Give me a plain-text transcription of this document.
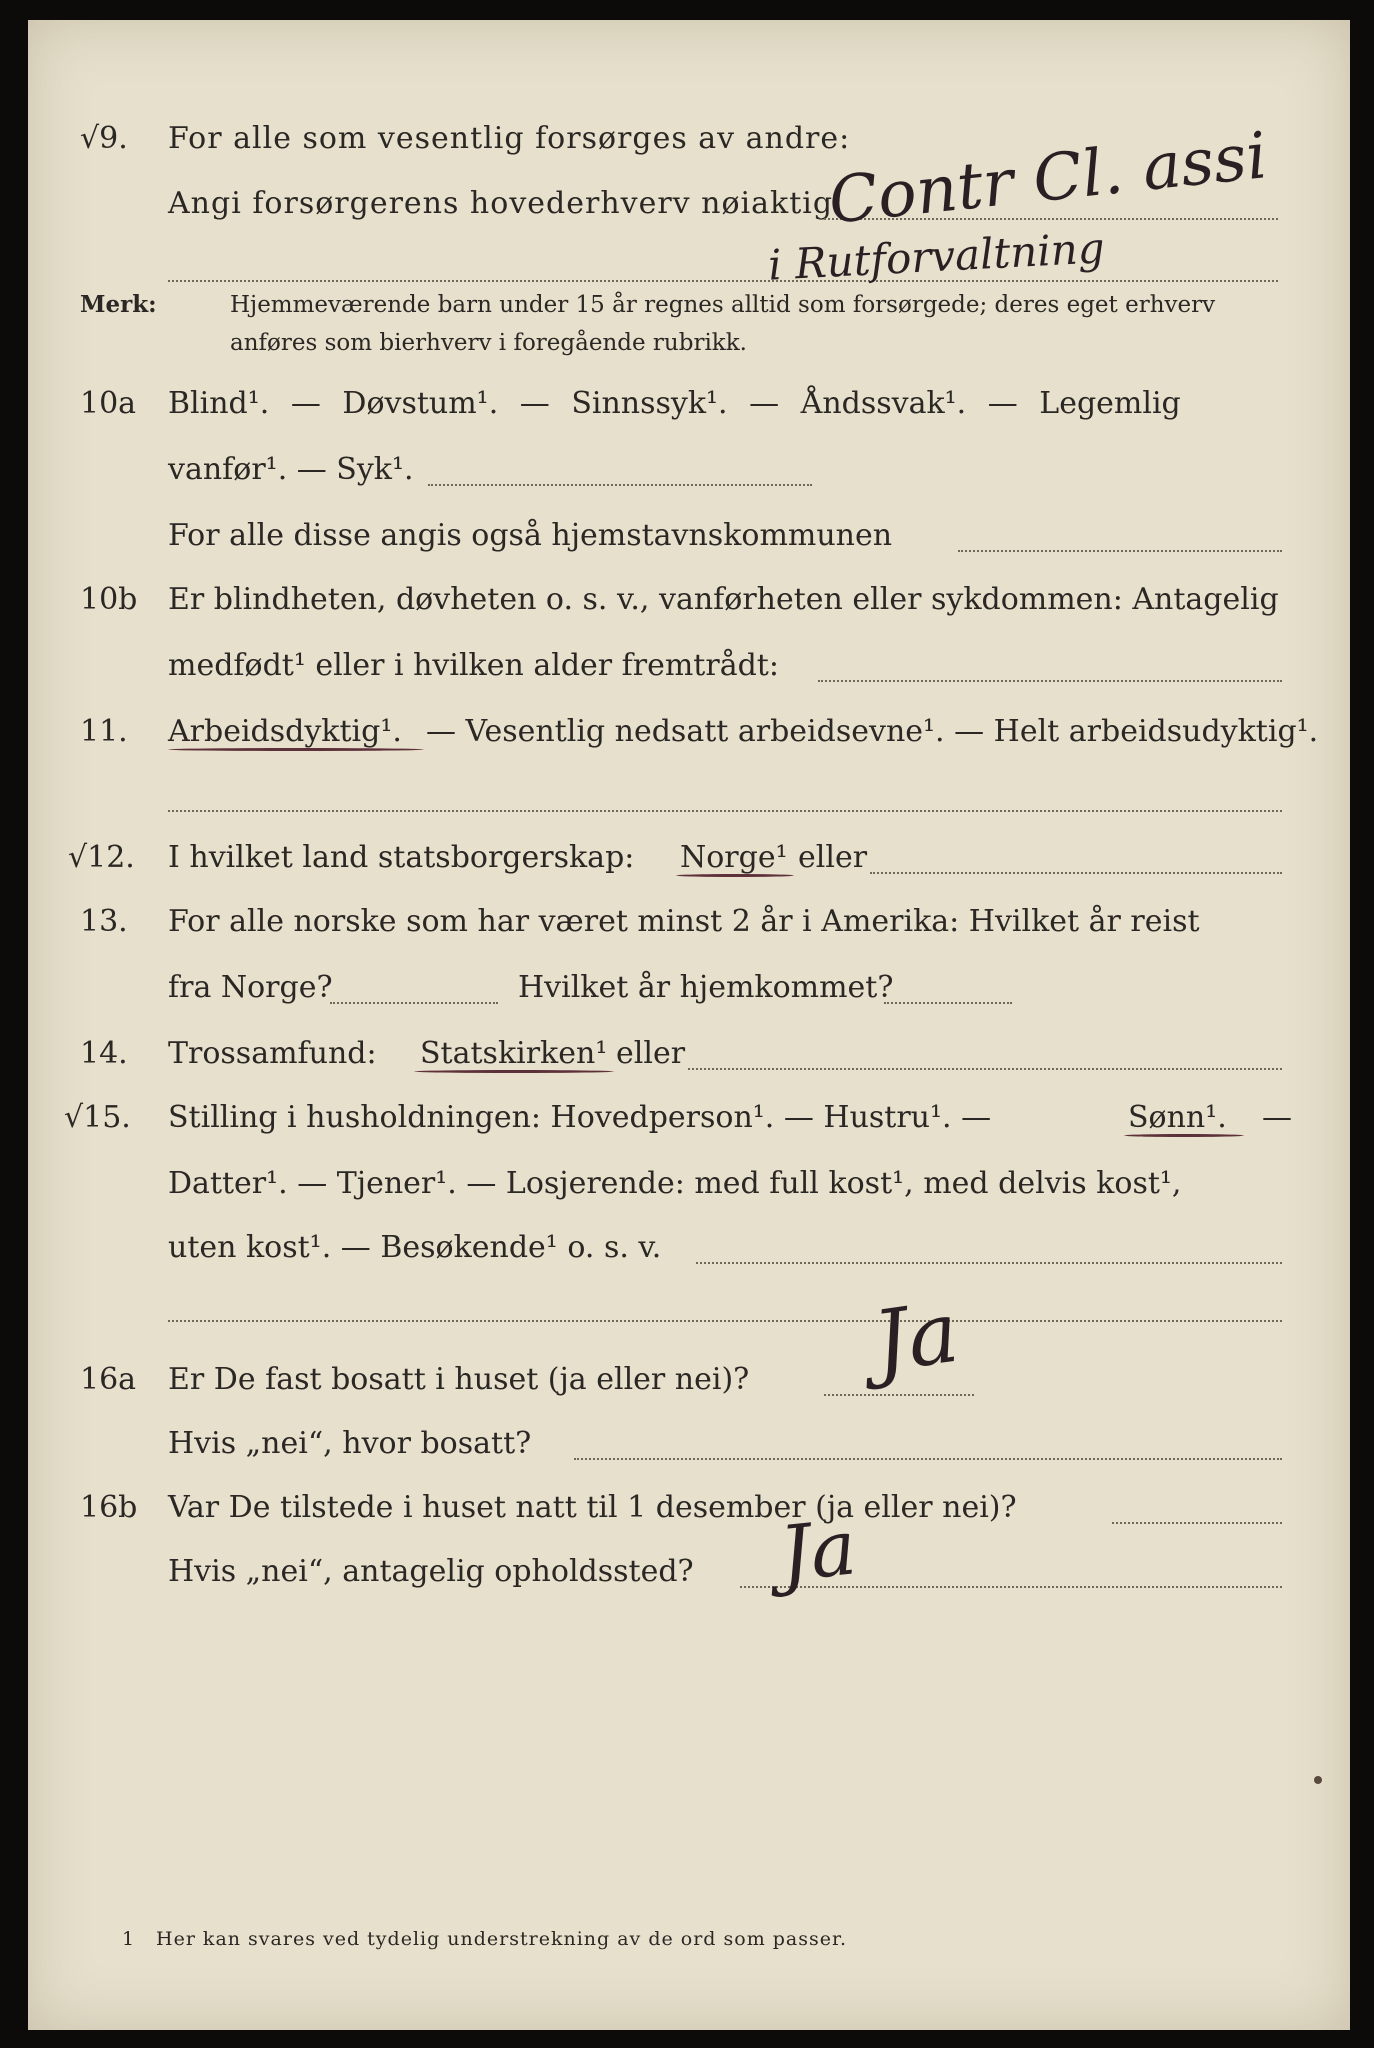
√9.	For alle som vesentlig forsørges av andre:
Angi forsørgerens hovederhverv nøiaktig
Contr Cl. assi
i Rutforvaltning
Merk:	Hjemmeværende barn under 15 år regnes alltid som forsørgede; deres eget erhverv
anføres som bierhverv i foregående rubrikk.
10a	Blind¹. — Døvstum¹. — Sinnssyk¹. — Åndssvak¹. — Legemlig
vanfør¹. — Syk¹.
For alle disse angis også hjemstavnskommunen
10b	Er blindheten, døvheten o. s. v., vanførheten eller sykdommen: Antagelig
medfødt¹ eller i hvilken alder fremtrådt:
11.	Arbeidsdyktig¹. — Vesentlig nedsatt arbeidsevne¹. — Helt arbeidsudyktig¹.
√12.	I hvilket land statsborgerskap: Norge¹ eller
13.	For alle norske som har været minst 2 år i Amerika: Hvilket år reist
fra Norge?	Hvilket år hjemkommet?
14.	Trossamfund: Statskirken¹ eller
√15.	Stilling i husholdningen: Hovedperson¹. — Hustru¹. —	Sønn¹. —
Datter¹. — Tjener¹. — Losjerende: med full kost¹, med delvis kost¹,
uten kost¹. — Besøkende¹ o. s. v.
16a	Er De fast bosatt i huset (ja eller nei)? Ja
Hvis „nei“, hvor bosatt?
16b	Var De tilstede i huset natt til 1 desember (ja eller nei)?
Hvis „nei“, antagelig opholdssted? Ja
1 Her kan svares ved tydelig understrekning av de ord som passer.
